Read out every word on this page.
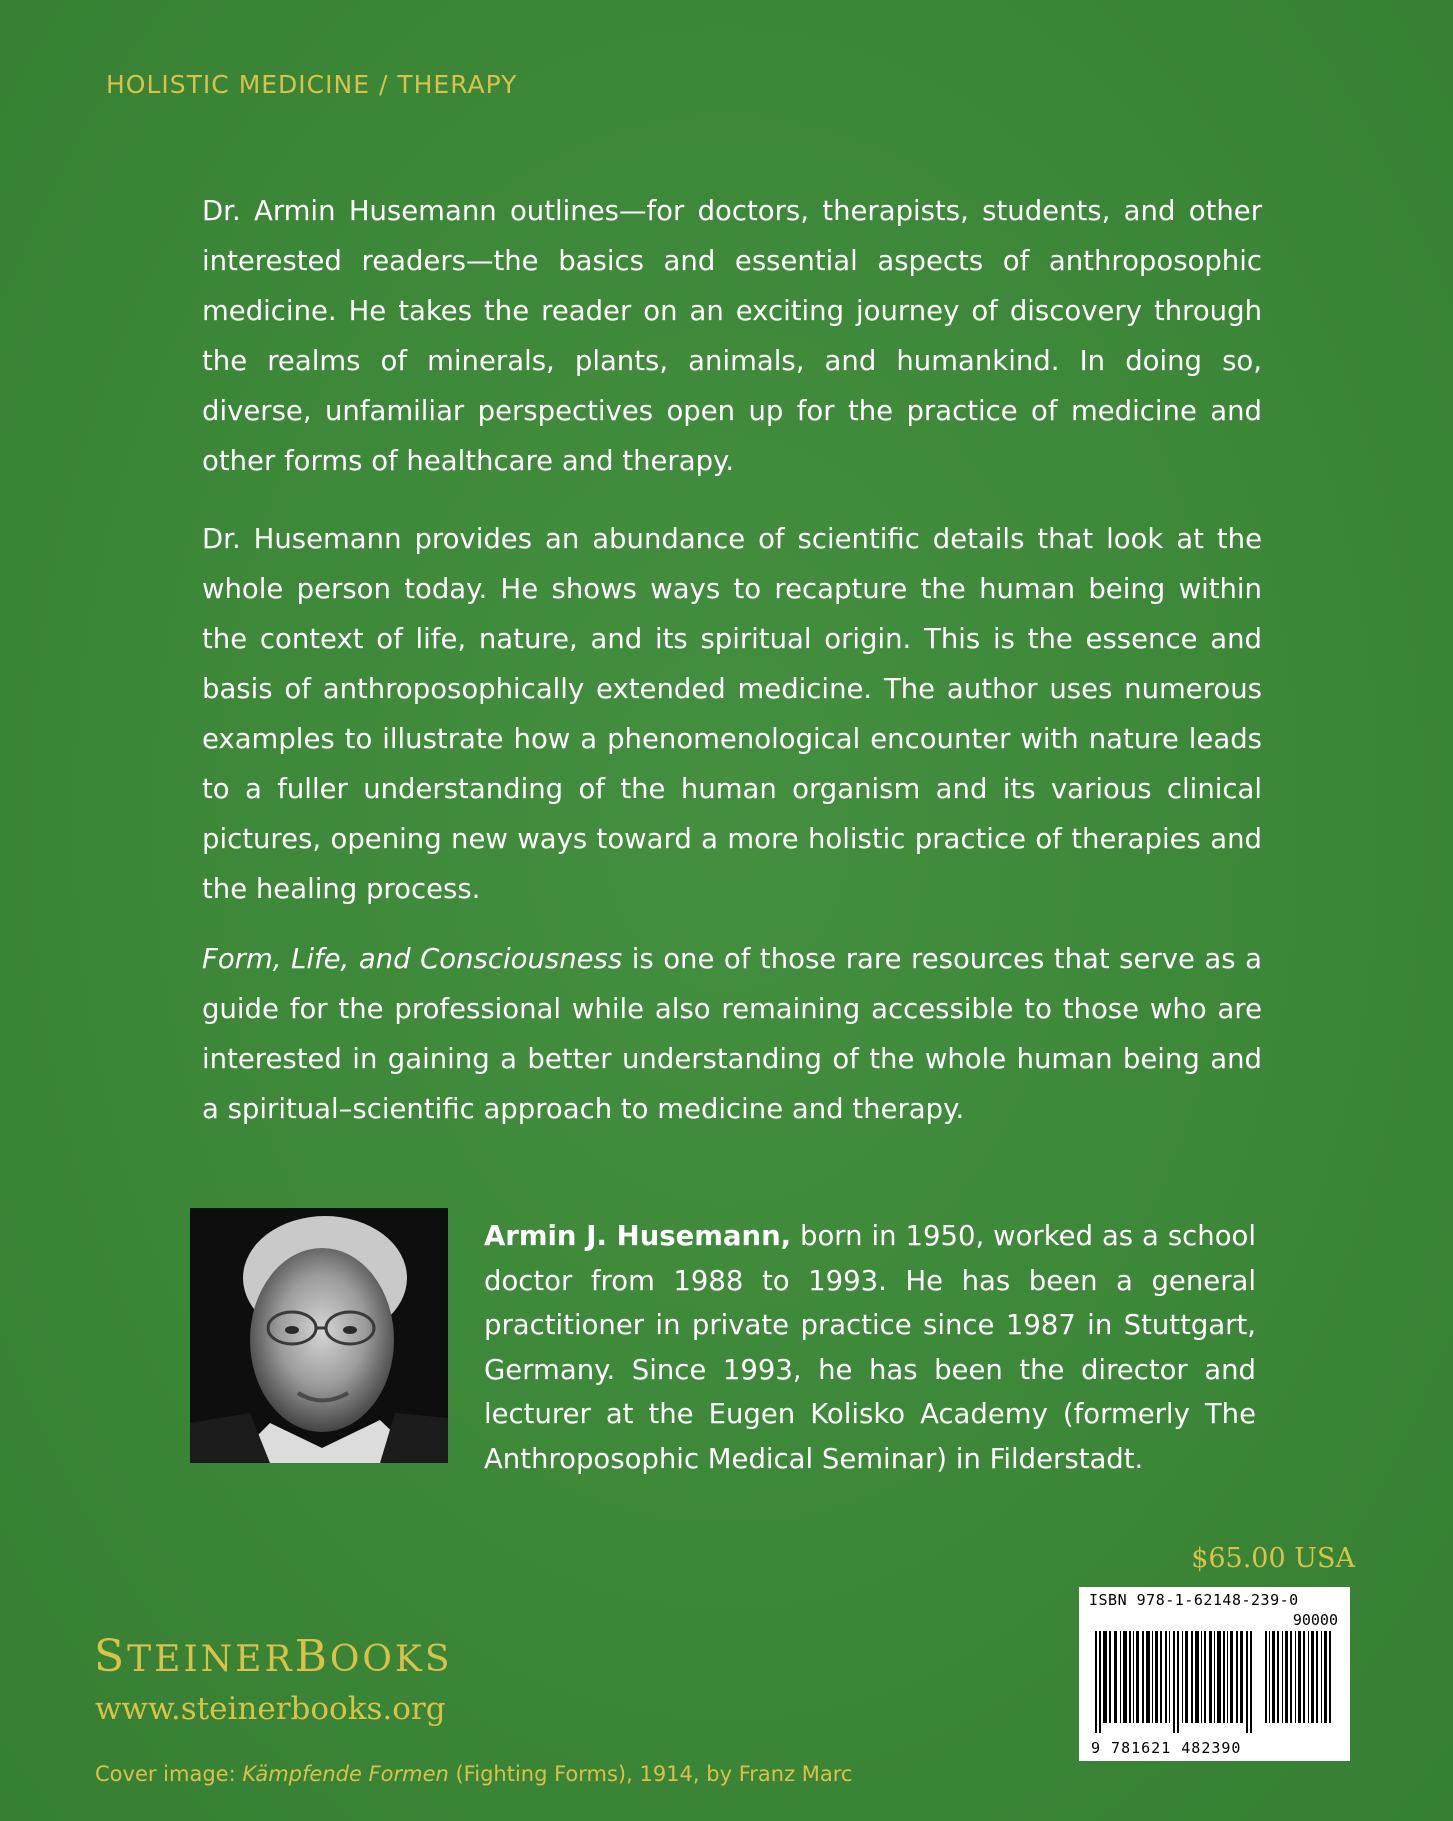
HOLISTIC MEDICINE / THERAPY

Dr. Armin Husemann outlines—for doctors, therapists, students, and other interested readers—the basics and essential aspects of anthroposophic medicine. He takes the reader on an exciting journey of discovery through the realms of minerals, plants, animals, and humankind. In doing so, diverse, unfamiliar perspectives open up for the practice of medicine and other forms of healthcare and therapy.

Dr. Husemann provides an abundance of scientific details that look at the whole person today. He shows ways to recapture the human being within the context of life, nature, and its spiritual origin. This is the essence and basis of anthroposophically extended medicine. The author uses numerous examples to illustrate how a phenomenological encounter with nature leads to a fuller understanding of the human organism and its various clinical pictures, opening new ways toward a more holistic practice of therapies and the healing process.

Form, Life, and Consciousness is one of those rare resources that serve as a guide for the professional while also remaining accessible to those who are interested in gaining a better understanding of the whole human being and a spiritual–scientific approach to medicine and therapy.

Armin J. Husemann, born in 1950, worked as a school doctor from 1988 to 1993. He has been a general practitioner in private practice since 1987 in Stuttgart, Germany. Since 1993, he has been the director and lecturer at the Eugen Kolisko Academy (formerly The Anthroposophic Medical Seminar) in Filderstadt.

$65.00 USA
ISBN 978-1-62148-239-0
90000
9 781621 482390
STEINERBOOKS
www.steinerbooks.org
Cover image: Kämpfende Formen (Fighting Forms), 1914, by Franz Marc
